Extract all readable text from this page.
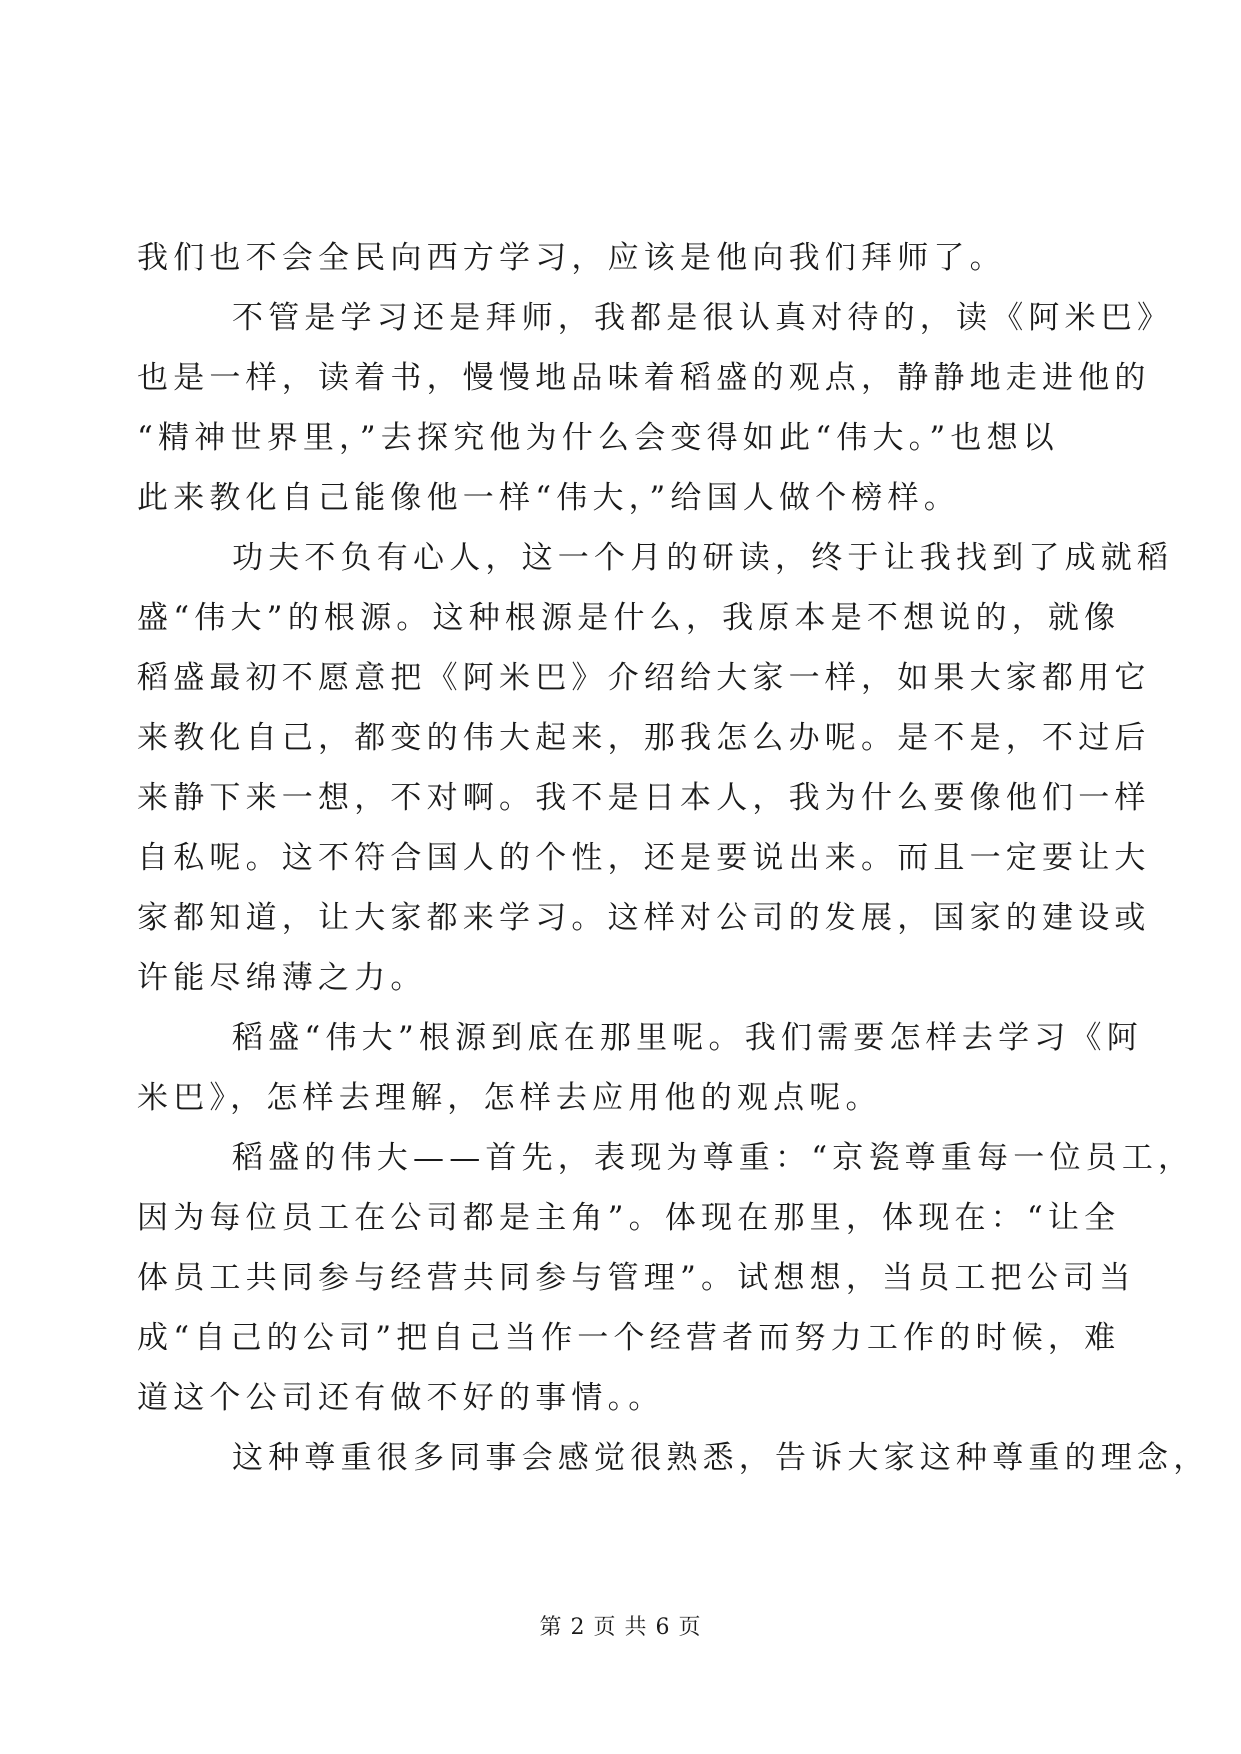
我们也不会全民向西方学习，应该是他向我们拜师了。
不管是学习还是拜师，我都是很认真对待的，读《阿米巴》
也是一样，读着书，慢慢地品味着稻盛的观点，静静地走进他的
“精神世界里，”去探究他为什么会变得如此“伟大。”也想以
此来教化自己能像他一样“伟大，”给国人做个榜样。
功夫不负有心人，这一个月的研读，终于让我找到了成就稻
盛“伟大”的根源。这种根源是什么，我原本是不想说的，就像
稻盛最初不愿意把《阿米巴》介绍给大家一样，如果大家都用它
来教化自己，都变的伟大起来，那我怎么办呢。是不是，不过后
来静下来一想，不对啊。我不是日本人，我为什么要像他们一样
自私呢。这不符合国人的个性，还是要说出来。而且一定要让大
家都知道，让大家都来学习。这样对公司的发展，国家的建设或
许能尽绵薄之力。
稻盛“伟大”根源到底在那里呢。我们需要怎样去学习《阿
米巴》，怎样去理解，怎样去应用他的观点呢。
稻盛的伟大——首先，表现为尊重：“京瓷尊重每一位员工，
因为每位员工在公司都是主角”。体现在那里，体现在：“让全
体员工共同参与经营共同参与管理”。试想想，当员工把公司当
成“自己的公司”把自己当作一个经营者而努力工作的时候，难
道这个公司还有做不好的事情。。
这种尊重很多同事会感觉很熟悉，告诉大家这种尊重的理念，
第 2 页 共 6 页
